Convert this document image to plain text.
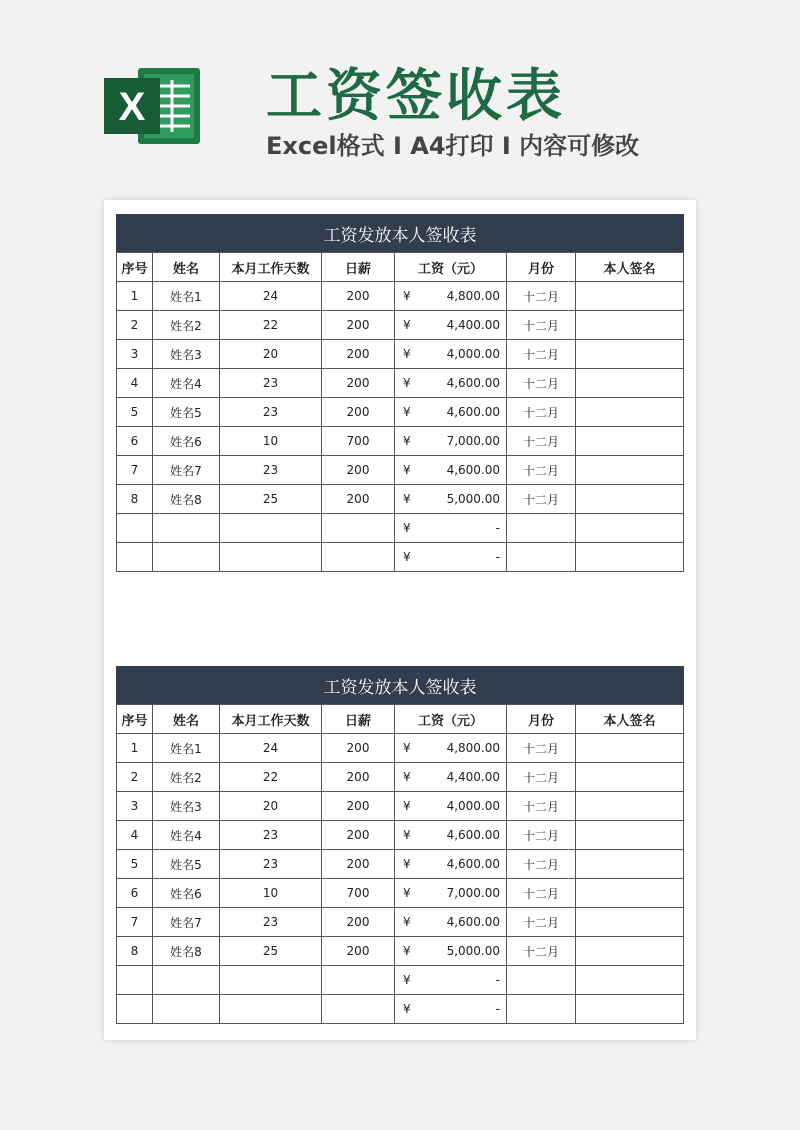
X 工资签收表
Excel格式 I A4打印 I 内容可修改
工资发放本人签收表
序号	姓名	本月工作天数	日薪	工资（元）	月份	本人签名
1	姓名1	24	200	¥ 4,800.00	十二月	
2	姓名2	22	200	¥ 4,400.00	十二月	
3	姓名3	20	200	¥ 4,000.00	十二月	
4	姓名4	23	200	¥ 4,600.00	十二月	
5	姓名5	23	200	¥ 4,600.00	十二月	
6	姓名6	10	700	¥ 7,000.00	十二月	
7	姓名7	23	200	¥ 4,600.00	十二月	
8	姓名8	25	200	¥ 5,000.00	十二月	

				¥ -		

				¥ -		

工资发放本人签收表
序号	姓名	本月工作天数	日薪	工资（元）	月份	本人签名
1	姓名1	24	200	¥ 4,800.00	十二月	
2	姓名2	22	200	¥ 4,400.00	十二月	
3	姓名3	20	200	¥ 4,000.00	十二月	
4	姓名4	23	200	¥ 4,600.00	十二月	
5	姓名5	23	200	¥ 4,600.00	十二月	
6	姓名6	10	700	¥ 7,000.00	十二月	
7	姓名7	23	200	¥ 4,600.00	十二月	
8	姓名8	25	200	¥ 5,000.00	十二月	

				¥ -		

				¥ -		
